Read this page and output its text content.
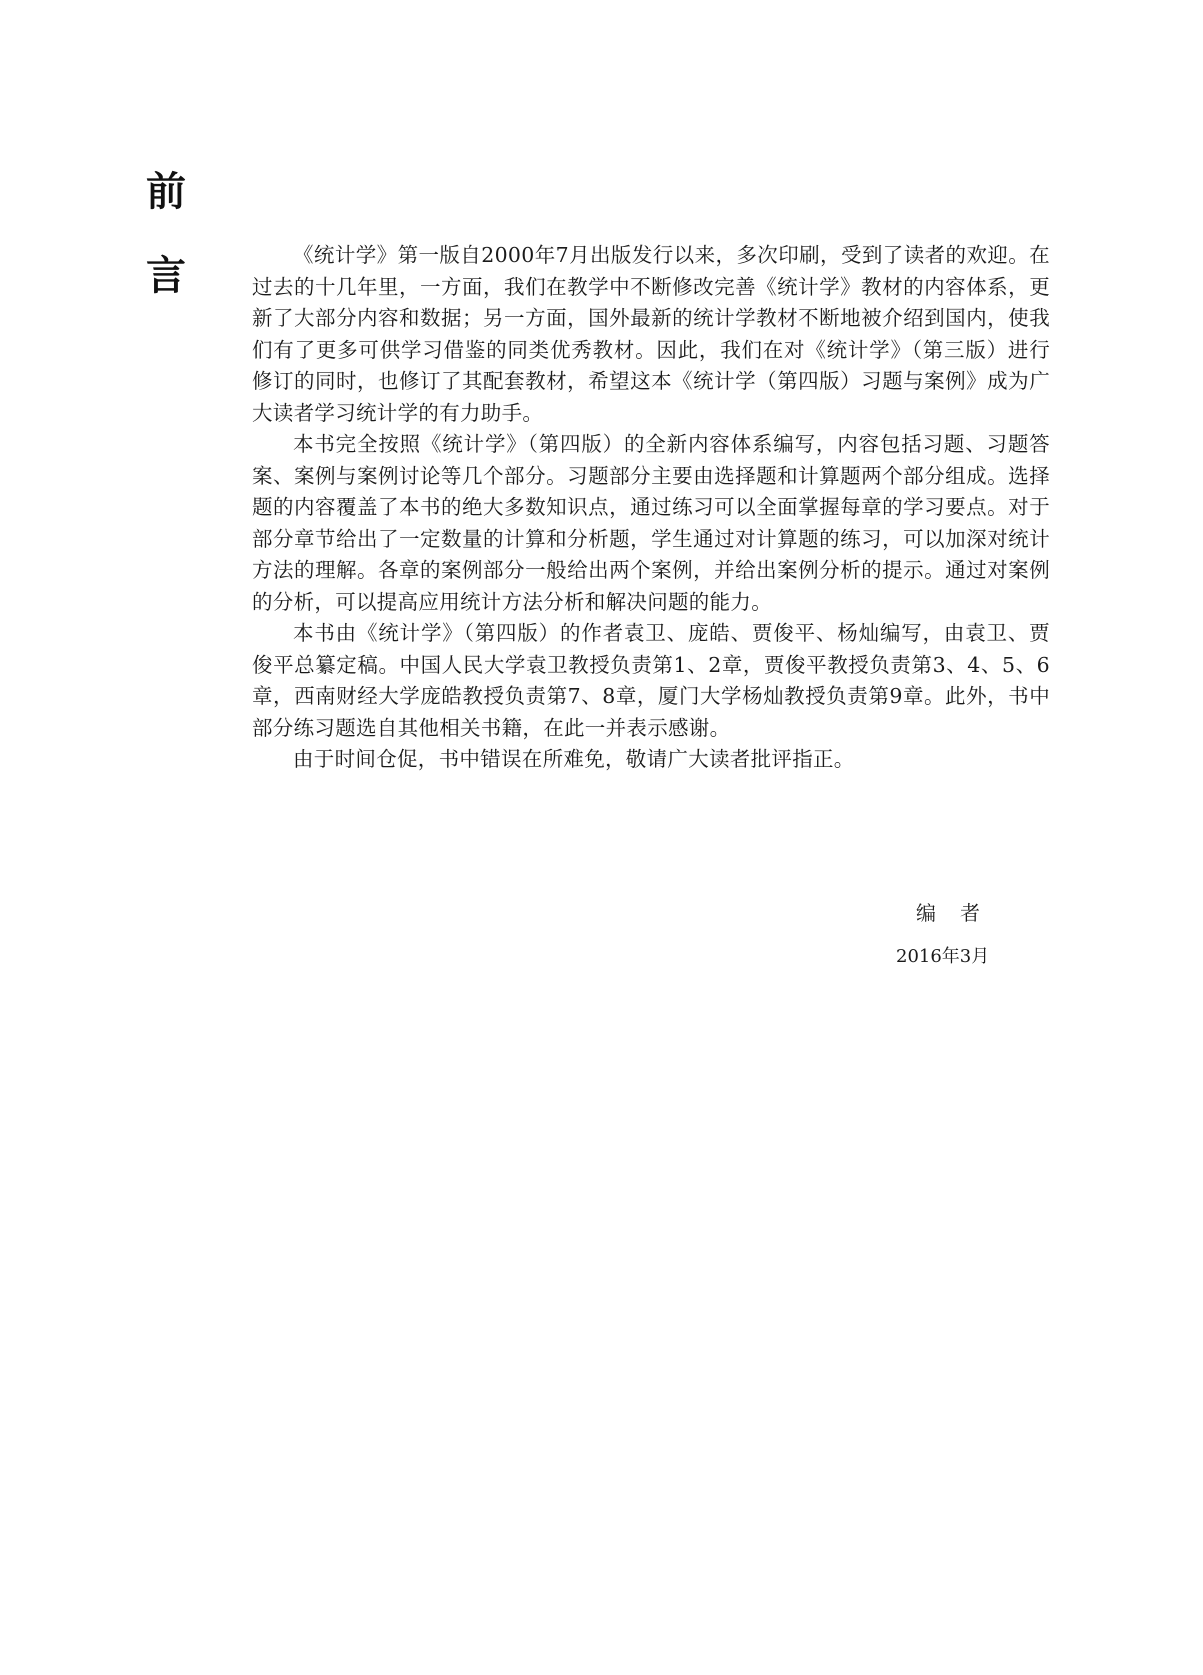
前
言	《统计学》第一版自2000年7月出版发行以来，多次印刷，受到了读者的欢迎。在过去的十几年里，一方面，我们在教学中不断修改完善《统计学》教材的内容体系，更新了大部分内容和数据；另一方面，国外最新的统计学教材不断地被介绍到国内，使我们有了更多可供学习借鉴的同类优秀教材。因此，我们在对《统计学》（第三版）进行修订的同时，也修订了其配套教材，希望这本《统计学（第四版）习题与案例》成为广大读者学习统计学的有力助手。

本书完全按照《统计学》（第四版）的全新内容体系编写，内容包括习题、习题答案、案例与案例讨论等几个部分。习题部分主要由选择题和计算题两个部分组成。选择题的内容覆盖了本书的绝大多数知识点，通过练习可以全面掌握每章的学习要点。对于部分章节给出了一定数量的计算和分析题，学生通过对计算题的练习，可以加深对统计方法的理解。各章的案例部分一般给出两个案例，并给出案例分析的提示。通过对案例的分析，可以提高应用统计方法分析和解决问题的能力。

本书由《统计学》（第四版）的作者袁卫、庞皓、贾俊平、杨灿编写，由袁卫、贾俊平总纂定稿。中国人民大学袁卫教授负责第1、2章，贾俊平教授负责第3、4、5、6章，西南财经大学庞皓教授负责第7、8章，厦门大学杨灿教授负责第9章。此外，书中部分练习题选自其他相关书籍，在此一并表示感谢。

由于时间仓促，书中错误在所难免，敬请广大读者批评指正。

编者
2016年3月
